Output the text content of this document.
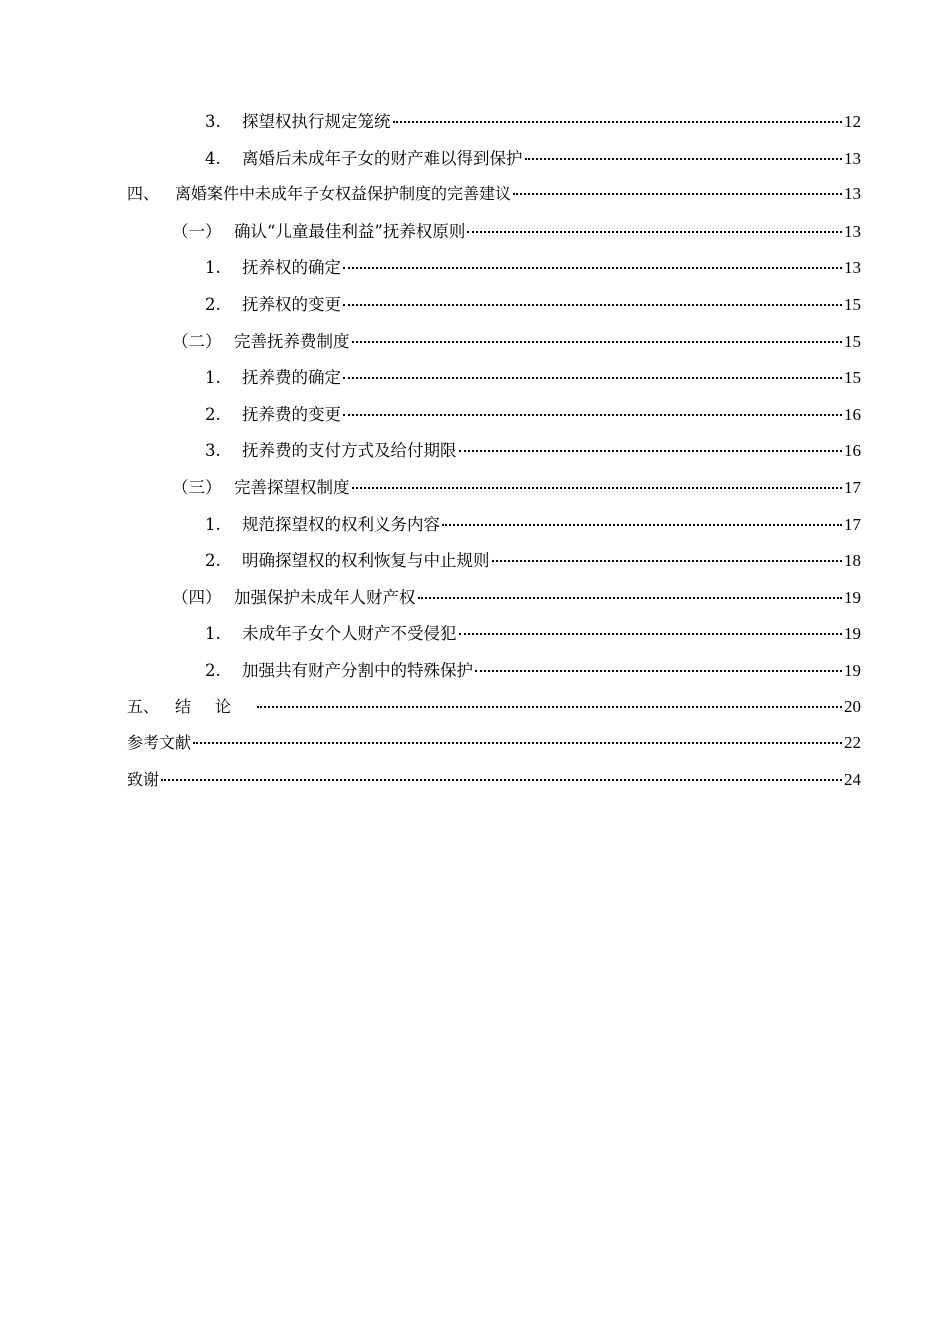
3.	探望权执行规定笼统	12
4.	离婚后未成年子女的财产难以得到保护	13
四、 离婚案件中未成年子女权益保护制度的完善建议	13
（一） 确认“儿童最佳利益”抚养权原则	13
1.	抚养权的确定	13
2.	抚养权的变更	15
（二） 完善抚养费制度	15
1.	抚养费的确定	15
2.	抚养费的变更	16
3.	抚养费的支付方式及给付期限	16
（三） 完善探望权制度	17
1.	规范探望权的权利义务内容	17
2.	明确探望权的权利恢复与中止规则	18
（四） 加强保护未成年人财产权	19
1.	未成年子女个人财产不受侵犯	19
2.	加强共有财产分割中的特殊保护	19
五、 结论	20
参考文献	22
致谢	24
